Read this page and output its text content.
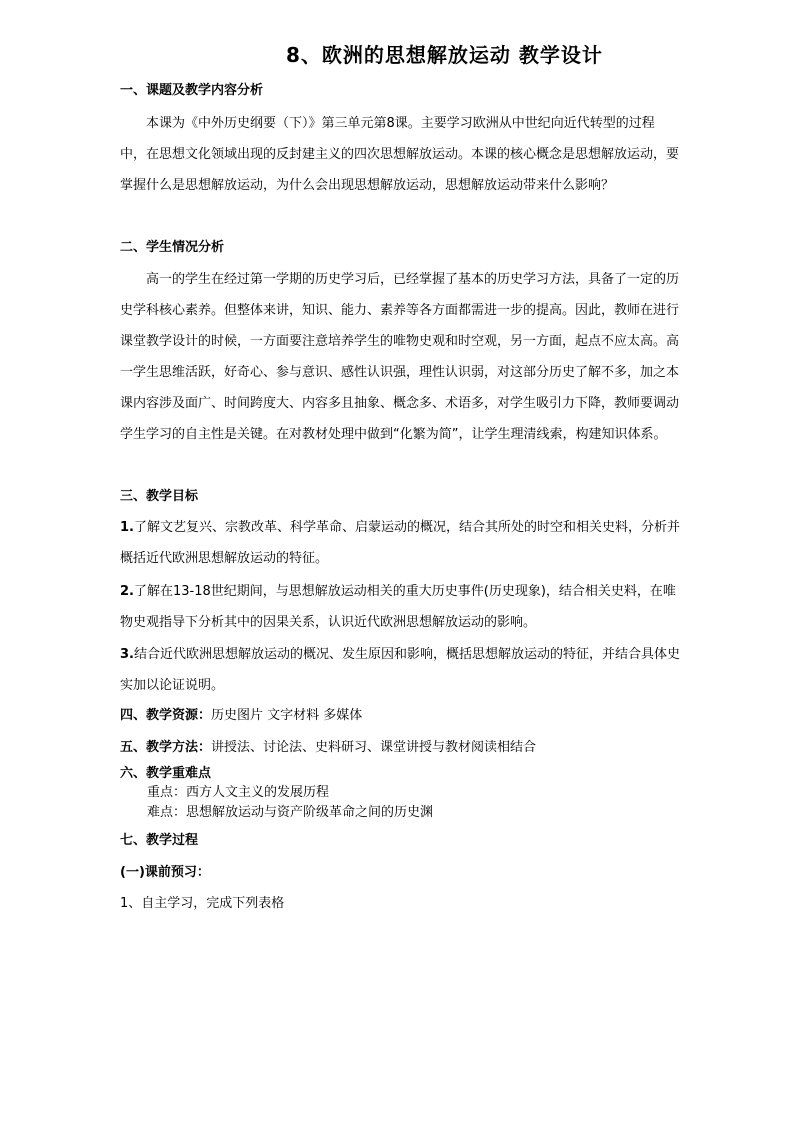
8、欧洲的思想解放运动 教学设计
一、课题及教学内容分析
本课为《中外历史纲要（下）》第三单元第8课。主要学习欧洲从中世纪向近代转型的过程中，在思想文化领域出现的反封建主义的四次思想解放运动。本课的核心概念是思想解放运动，要掌握什么是思想解放运动，为什么会出现思想解放运动，思想解放运动带来什么影响？
二、学生情况分析
高一的学生在经过第一学期的历史学习后，已经掌握了基本的历史学习方法，具备了一定的历史学科核心素养。但整体来讲，知识、能力、素养等各方面都需进一步的提高。因此，教师在进行课堂教学设计的时候，一方面要注意培养学生的唯物史观和时空观，另一方面，起点不应太高。高一学生思维活跃，好奇心、参与意识、感性认识强，理性认识弱，对这部分历史了解不多，加之本课内容涉及面广、时间跨度大、内容多且抽象、概念多、术语多，对学生吸引力下降，教师要调动学生学习的自主性是关键。在对教材处理中做到“化繁为简”，让学生理清线索，构建知识体系。
三、教学目标
1.了解文艺复兴、宗教改革、科学革命、启蒙运动的概况，结合其所处的时空和相关史料，分析并概括近代欧洲思想解放运动的特征。
2.了解在13-18世纪期间，与思想解放运动相关的重大历史事件(历史现象)，结合相关史料，在唯物史观指导下分析其中的因果关系，认识近代欧洲思想解放运动的影响。
3.结合近代欧洲思想解放运动的概况、发生原因和影响，概括思想解放运动的特征，并结合具体史实加以论证说明。
四、教学资源：历史图片 文字材料 多媒体
五、教学方法：讲授法、讨论法、史料研习、课堂讲授与教材阅读相结合
六、教学重难点
重点：西方人文主义的发展历程
难点：思想解放运动与资产阶级革命之间的历史渊
七、教学过程
(一)课前预习：
1、自主学习，完成下列表格
